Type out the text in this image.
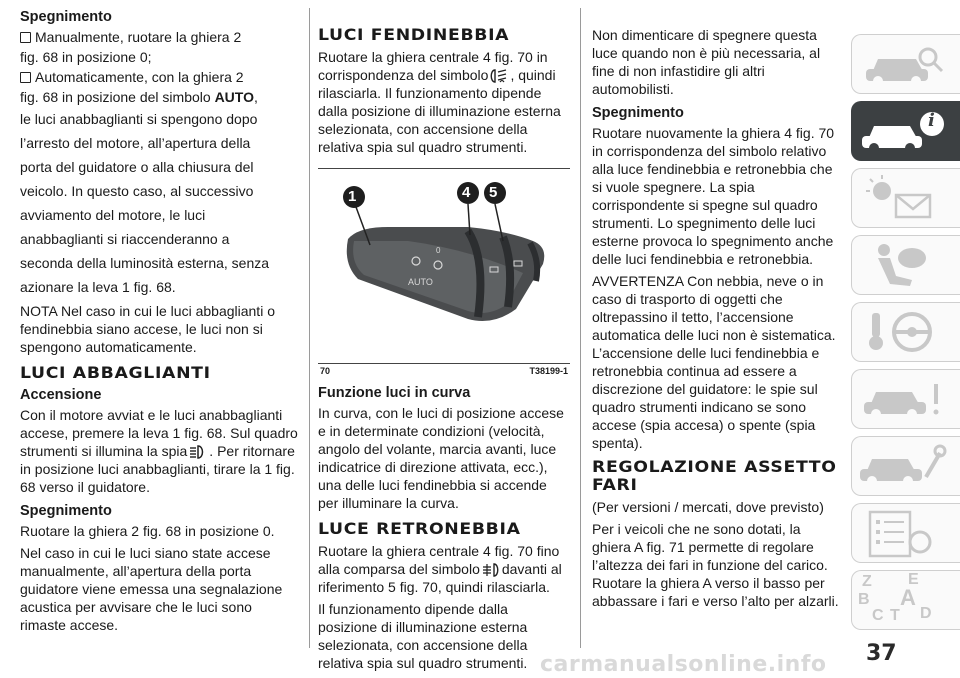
Spegnimento

Manualmente, ruotare la ghiera 2

fig. 68 in posizione 0;

Automaticamente, con la ghiera 2

fig. 68 in posizione del simbolo AUTO,

le luci anabbaglianti si spengono dopo

l’arresto del motore, all’apertura della

porta del guidatore o alla chiusura del

veicolo. In questo caso, al successivo

avviamento del motore, le luci

anabbaglianti si riaccenderanno a

seconda della luminosità esterna, senza

azionare la leva 1 fig. 68.

NOTA Nel caso in cui le luci abbaglianti o fendinebbia siano accese, le luci non si spengono automaticamente.

LUCI ABBAGLIANTI
Accensione

Con il motore avviat e le luci anabbaglianti accese, premere la leva 1 fig. 68. Sul quadro strumenti si illumina la spia . Per ritornare in posizione luci anabbaglianti, tirare la 1 fig. 68 verso il guidatore.

Spegnimento

Ruotare la ghiera 2 fig. 68 in posizione 0.

Nel caso in cui le luci siano state accese manualmente, all’apertura della porta guidatore viene emessa una segnalazione acustica per avvisare che le luci sono rimaste accese.

LUCI FENDINEBBIA

Ruotare la ghiera centrale 4 fig. 70 in corrispondenza del simbolo , quindi rilasciarla. Il funzionamento dipende dalla posizione di illuminazione esterna selezionata, con accensione della relativa spia sul quadro strumenti.

AUTO
0
1	4 5
70	T38199-1
Funzione luci in curva

In curva, con le luci di posizione accese e in determinate condizioni (velocità, angolo del volante, marcia avanti, luce indicatrice di direzione attivata, ecc.), una delle luci fendinebbia si accende per illuminare la curva.

LUCE RETRONEBBIA

Ruotare la ghiera centrale 4 fig. 70 fino alla comparsa del simbolo davanti al riferimento 5 fig. 70, quindi rilasciarla.

Il funzionamento dipende dalla posizione di illuminazione esterna selezionata, con accensione della relativa spia sul quadro strumenti.

Non dimenticare di spegnere questa luce quando non è più necessaria, al fine di non infastidire gli altri automobilisti.

Spegnimento

Ruotare nuovamente la ghiera 4 fig. 70 in corrispondenza del simbolo relativo alla luce fendinebbia e retronebbia che si vuole spegnere. La spia corrispondente si spegne sul quadro strumenti. Lo spegnimento delle luci esterne provoca lo spegnimento anche delle luci fendinebbia e retronebbia.

AVVERTENZA Con nebbia, neve o in caso di trasporto di oggetti che oltrepassino il tetto, l’accensione automatica delle luci non è sistematica. L’accensione delle luci fendinebbia e retronebbia continua ad essere a discrezione del guidatore: le spie sul quadro strumenti indicano se sono accese (spia accesa) o spente (spia spenta).

REGOLAZIONE ASSETTO
FARI

(Per versioni / mercati, dove previsto)

Per i veicoli che ne sono dotati, la ghiera A fig. 71 permette di regolare l’altezza dei fari in funzione del carico. Ruotare la ghiera A verso il basso per abbassare i fari e verso l’alto per alzarli.

i
Z E
B A
C T D
37
carmanualsonline.info
